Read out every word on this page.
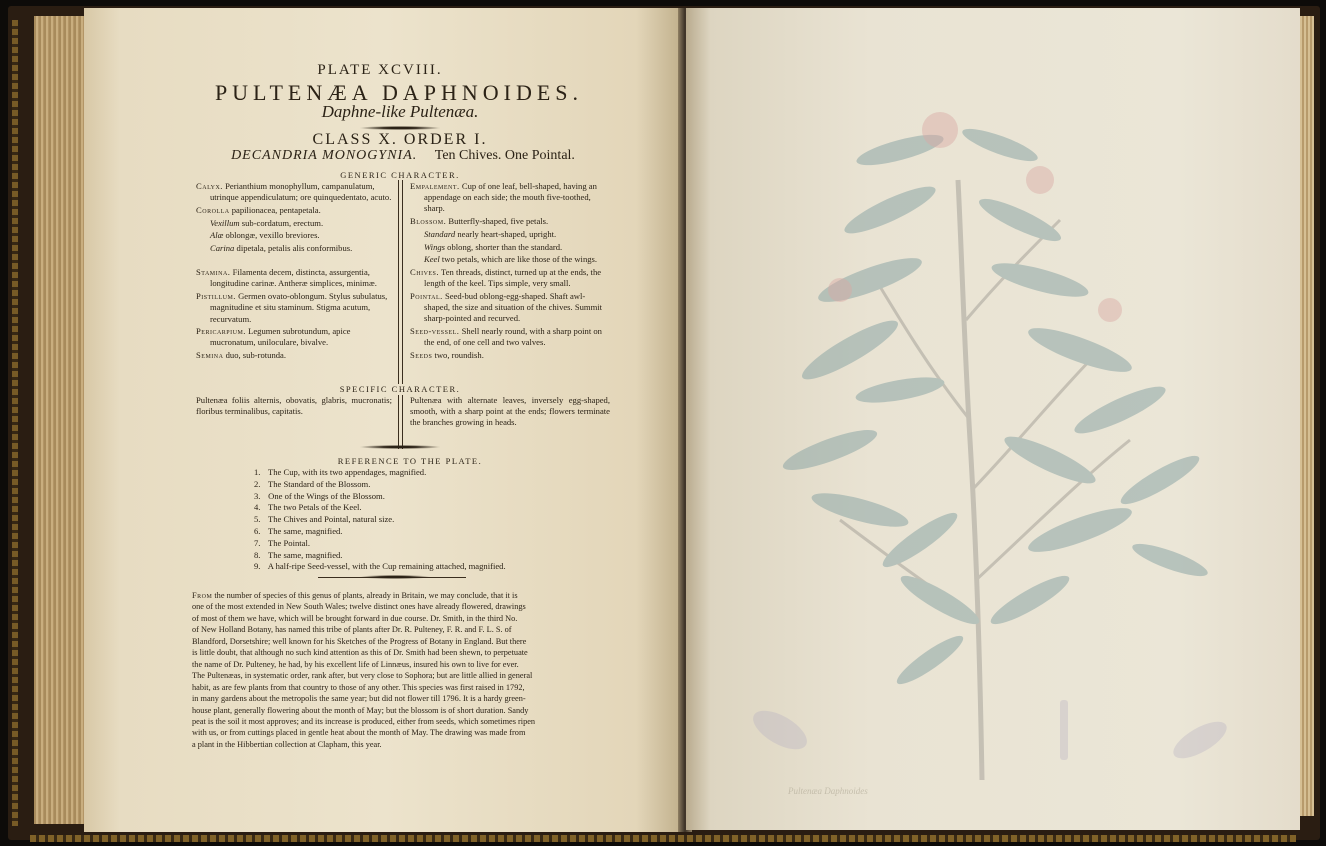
PLATE XCVIII.
PULTENÆA DAPHNOIDES.
Daphne-like Pultenæa.
CLASS X. ORDER I.
DECANDRIA MONOGYNIA. Ten Chives. One Pointal.
GENERIC CHARACTER.

Calyx. Perianthium monophyllum, campanulatum, utrinque appendiculatum; ore quinquedentato, acuto.

Corolla papilionacea, pentapetala.

Vexillum sub-cordatum, erectum.

Alæ oblongæ, vexillo breviores.

Carina dipetala, petalis alis conformibus.

Stamina. Filamenta decem, distincta, assurgentia, longitudine carinæ. Antheræ simplices, minimæ.

Pistillum. Germen ovato-oblongum. Stylus subulatus, magnitudine et situ staminum. Stigma acutum, recurvatum.

Pericarpium. Legumen subrotundum, apice mucronatum, uniloculare, bivalve.

Semina duo, sub-rotunda.

Empalement. Cup of one leaf, bell-shaped, having an appendage on each side; the mouth five-toothed, sharp.

Blossom. Butterfly-shaped, five petals.

Standard nearly heart-shaped, upright.

Wings oblong, shorter than the standard.

Keel two petals, which are like those of the wings.

Chives. Ten threads, distinct, turned up at the ends, the length of the keel. Tips simple, very small.

Pointal. Seed-bud oblong-egg-shaped. Shaft awl-shaped, the size and situation of the chives. Summit sharp-pointed and recurved.

Seed-vessel. Shell nearly round, with a sharp point on the end, of one cell and two valves.

Seeds two, roundish.

SPECIFIC CHARACTER.
Pultenæa foliis alternis, obovatis, glabris, mucronatis; floribus terminalibus, capitatis.
Pultenæa with alternate leaves, inversely egg-shaped, smooth, with a sharp point at the ends; flowers terminate the branches growing in heads.
REFERENCE TO THE PLATE.
1. The Cup, with its two appendages, magnified.
2. The Standard of the Blossom.
3. One of the Wings of the Blossom.
4. The two Petals of the Keel.
5. The Chives and Pointal, natural size.
6. The same, magnified.
7. The Pointal.
8. The same, magnified.
9. A half-ripe Seed-vessel, with the Cup remaining attached, magnified.
From the number of species of this genus of plants, already in Britain, we may conclude, that it is
one of the most extended in New South Wales; twelve distinct ones have already flowered, drawings
of most of them we have, which will be brought forward in due course. Dr. Smith, in the third No.
of New Holland Botany, has named this tribe of plants after Dr. R. Pulteney, F. R. and F. L. S. of
Blandford, Dorsetshire; well known for his Sketches of the Progress of Botany in England. But there
is little doubt, that although no such kind attention as this of Dr. Smith had been shewn, to perpetuate
the name of Dr. Pulteney, he had, by his excellent life of Linnæus, insured his own to live for ever.
The Pultenæas, in systematic order, rank after, but very close to Sophora; but are little allied in general
habit, as are few plants from that country to those of any other. This species was first raised in 1792,
in many gardens about the metropolis the same year; but did not flower till 1796. It is a hardy green-
house plant, generally flowering about the month of May; but the blossom is of short duration. Sandy
peat is the soil it most approves; and its increase is produced, either from seeds, which sometimes ripen
with us, or from cuttings placed in gentle heat about the month of May. The drawing was made from
a plant in the Hibbertian collection at Clapham, this year.
Pultenæa Daphnoides
